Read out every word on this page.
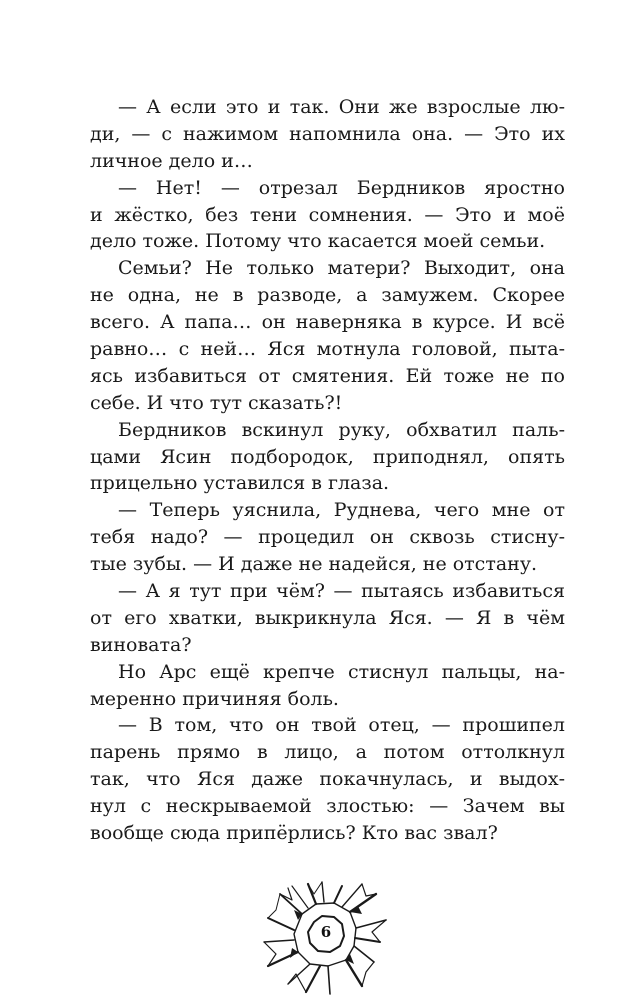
— А если это и так. Они же взрослые лю-
ди, — с нажимом напомнила она. — Это их
личное дело и…
— Нет! — отрезал Бердников яростно
и жёстко, без тени сомнения. — Это и моё
дело тоже. Потому что касается моей семьи.
Семьи? Не только матери? Выходит, она
не одна, не в разводе, а замужем. Скорее
всего. А папа… он наверняка в курсе. И всё
равно… с ней… Яся мотнула головой, пыта-
ясь избавиться от смятения. Ей тоже не по
себе. И что тут сказать?!
Бердников вскинул руку, обхватил паль-
цами Ясин подбородок, приподнял, опять
прицельно уставился в глаза.
— Теперь уяснила, Руднева, чего мне от
тебя надо? — процедил он сквозь стисну-
тые зубы. — И даже не надейся, не отстану.
— А я тут при чём? — пытаясь избавиться
от его хватки, выкрикнула Яся. — Я в чём
виновата?
Но Арс ещё крепче стиснул пальцы, на-
меренно причиняя боль.
— В том, что он твой отец, — прошипел
парень прямо в лицо, а потом оттолкнул
так, что Яся даже покачнулась, и выдох-
нул с нескрываемой злостью: — Зачем вы
вообще сюда припёрлись? Кто вас звал?
6
